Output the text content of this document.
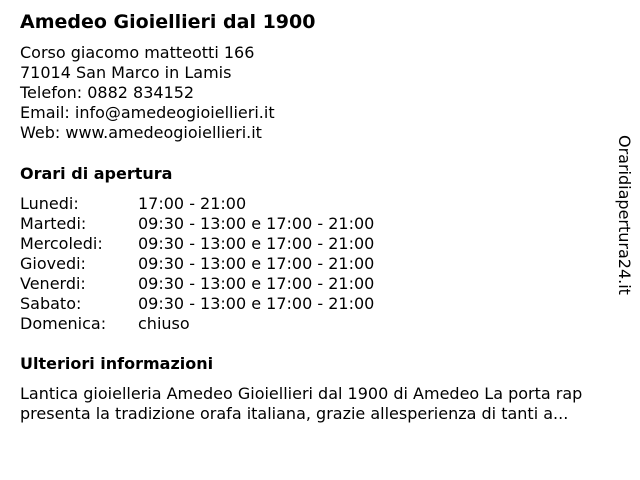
Amedeo Gioiellieri dal 1900
Corso giacomo matteotti 166
71014 San Marco in Lamis
Telefon: 0882 834152
Email: info@amedeogioiellieri.it
Web: www.amedeogioiellieri.it
Orari di apertura
Lunedi:	17:00 - 21:00
Martedi:	09:30 - 13:00 e 17:00 - 21:00
Mercoledi: 09:30 - 13:00 e 17:00 - 21:00
Giovedi:	09:30 - 13:00 e 17:00 - 21:00
Venerdi:	09:30 - 13:00 e 17:00 - 21:00
Sabato:	09:30 - 13:00 e 17:00 - 21:00
Domenica: chiuso
Ulteriori informazioni
Lantica gioielleria Amedeo Gioiellieri dal 1900 di Amedeo La porta rap
presenta la tradizione orafa italiana, grazie allesperienza di tanti a...
Oraridiapertura24.it
